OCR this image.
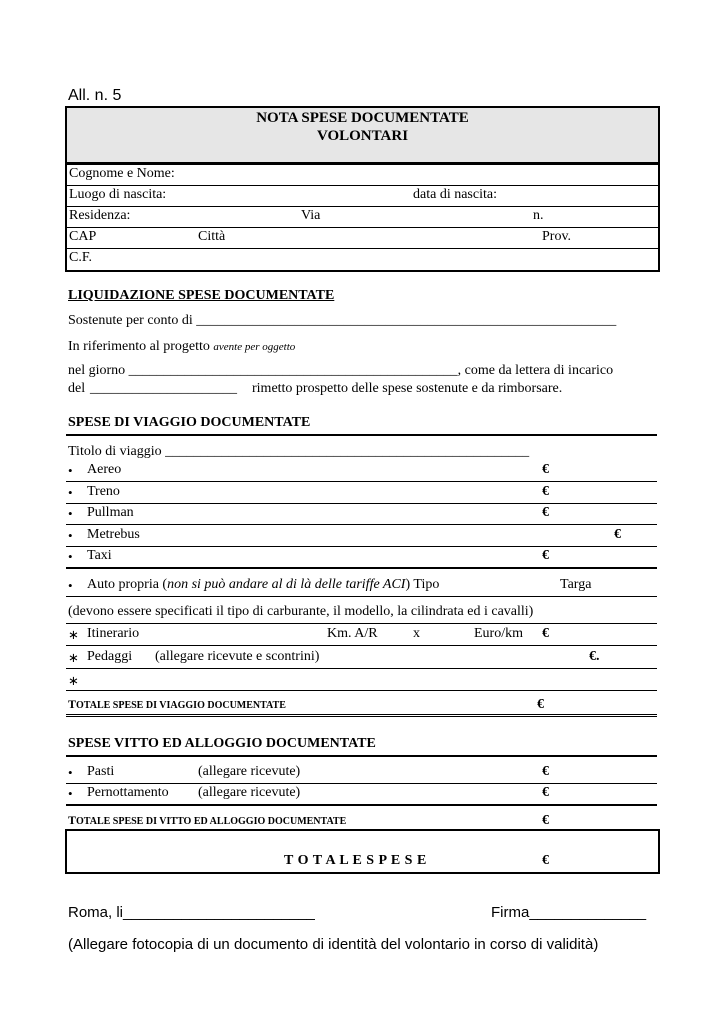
All. n. 5
NOTA SPESE DOCUMENTATE
VOLONTARI
Cognome e Nome:
Luogo di nascita:	data di nascita:
Residenza:	Via	n.
CAP	Città	Prov.
C.F.
LIQUIDAZIONE SPESE DOCUMENTATE
Sostenute per conto di ____________________________________________________________
In riferimento al progetto avente per oggetto
nel giorno _______________________________________________, come da lettera di incarico
del _____________________ rimetto prospetto delle spese sostenute e da rimborsare.
SPESE DI VIAGGIO DOCUMENTATE
Titolo di viaggio ____________________________________________________
• Aereo	€
• Treno	€
• Pullman	€
• Metrebus	€
• Taxi	€
• Auto propria (non si può andare al di là delle tariffe ACI) Tipo	Targa
(devono essere specificati il tipo di carburante, il modello, la cilindrata ed i cavalli)
∗ Itinerario	Km. A/R	x	Euro/km €
∗ Pedaggi (allegare ricevute e scontrini)	€.
∗
TOTALE SPESE DI VIAGGIO DOCUMENTATE	€
SPESE VITTO ED ALLOGGIO DOCUMENTATE
• Pasti	(allegare ricevute)	€
• Pernottamento (allegare ricevute)	€
TOTALE SPESE DI VITTO ED ALLOGGIO DOCUMENTATE	€
T O T A L E S P E S E	€
Roma, li_______________________	Firma______________
(Allegare fotocopia di un documento di identità del volontario in corso di validità)
